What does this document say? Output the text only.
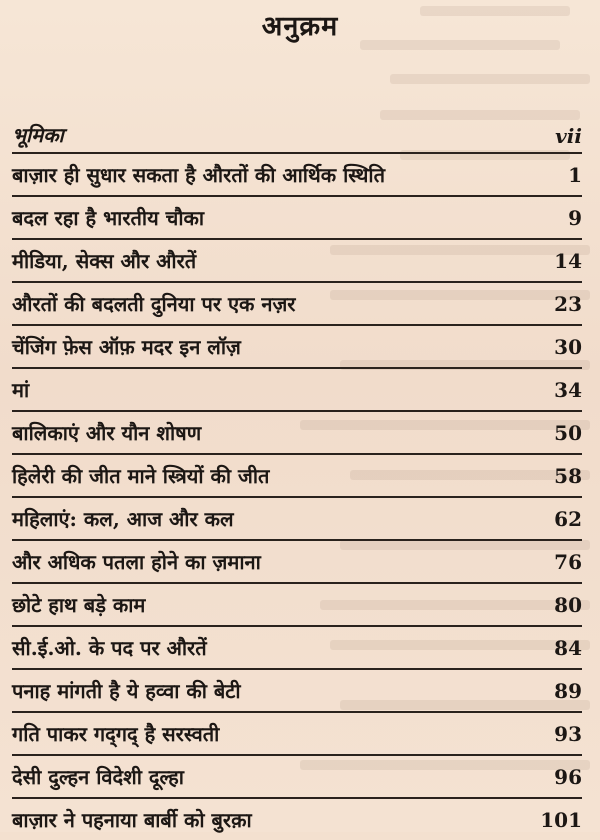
अनुक्रम
भूमिका	vii
बाज़ार ही सुधार सकता है औरतों की आर्थिक स्थिति	1
बदल रहा है भारतीय चौका	9
मीडिया, सेक्स और औरतें	14
औरतों की बदलती दुनिया पर एक नज़र	23
चेंजिंग फ़ेस ऑफ़ मदर इन लॉज़	30
मां	34
बालिकाएं और यौन शोषण	50
हिलेरी की जीत माने स्त्रियों की जीत	58
महिलाएं: कल, आज और कल	62
और अधिक पतला होने का ज़माना	76
छोटे हाथ बड़े काम	80
सी.ई.ओ. के पद पर औरतें	84
पनाह मांगती है ये हव्वा की बेटी	89
गति पाकर गद्‌गद् है सरस्वती	93
देसी दुल्हन विदेशी दूल्हा	96
बाज़ार ने पहनाया बार्बी को बुरक़ा	101
